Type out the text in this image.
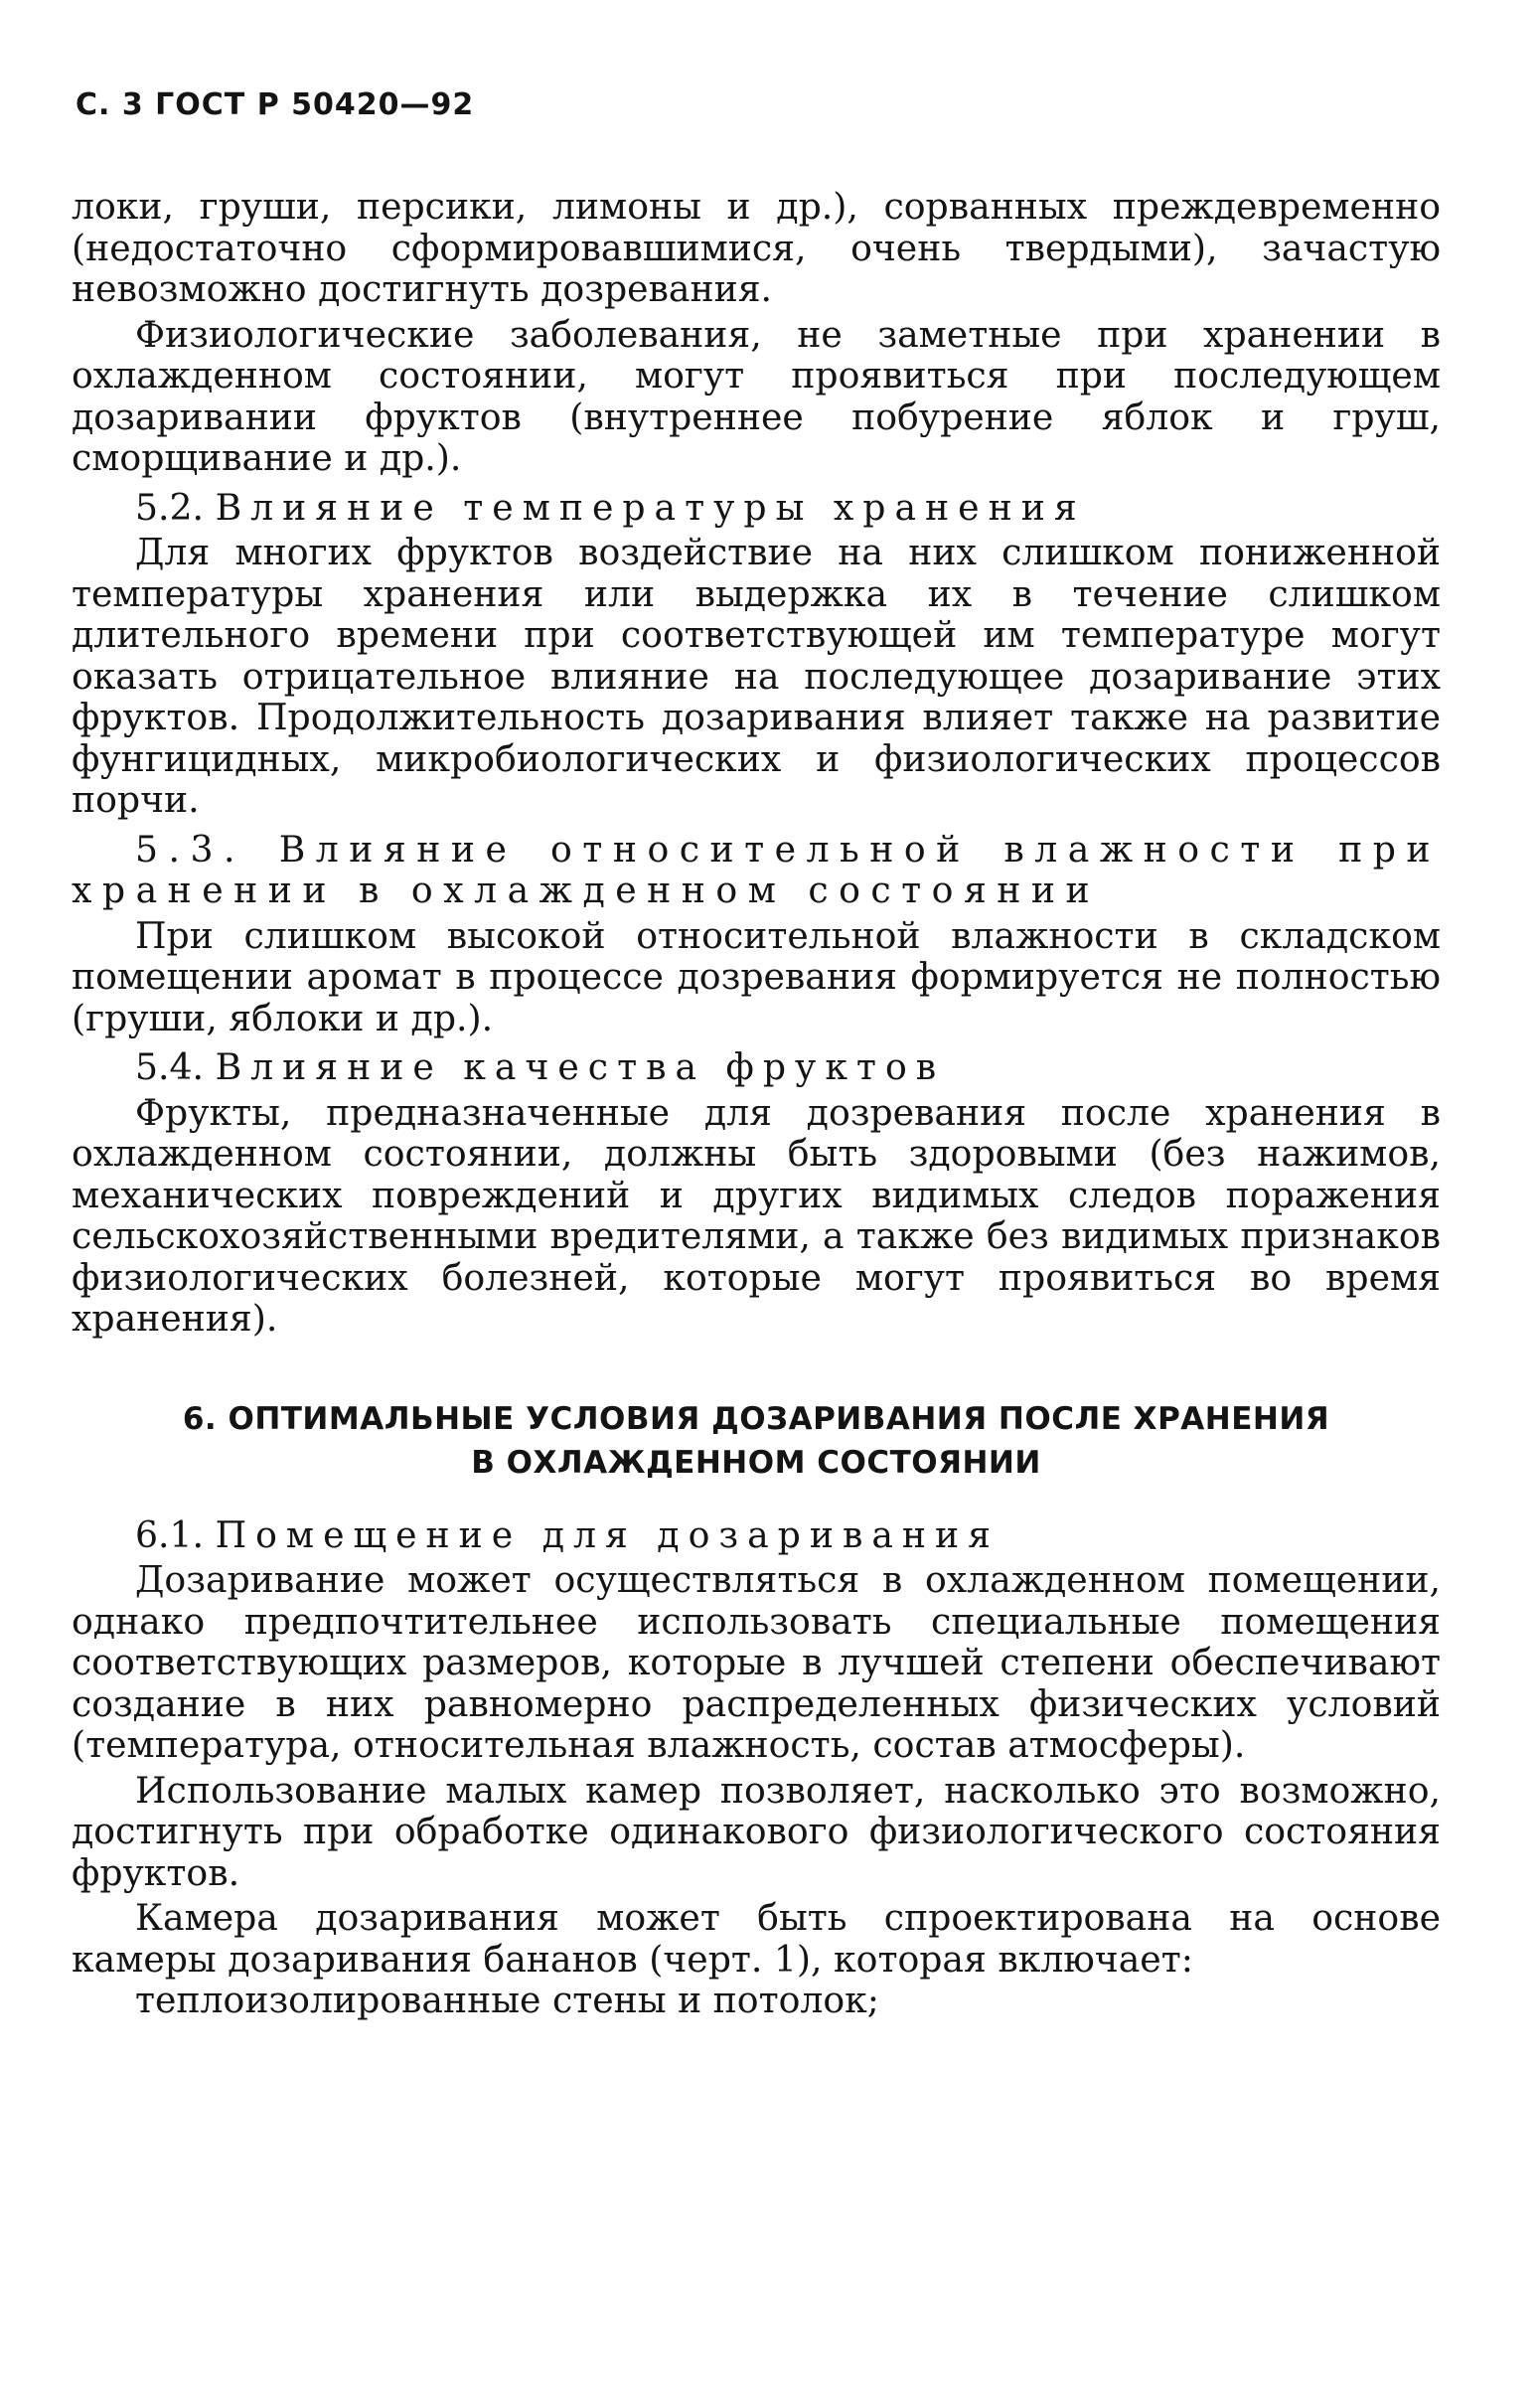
С. 3 ГОСТ Р 50420—92

локи, груши, персики, лимоны и др.), сорванных преждевременно (недостаточно сформировавшимися, очень твердыми), зачастую невозможно достигнуть дозревания.

Физиологические заболевания, не заметные при хранении в охлажденном состоянии, могут проявиться при последующем дозаривании фруктов (внутреннее побурение яблок и груш, сморщивание и др.).

5.2. Влияние температуры хранения

Для многих фруктов воздействие на них слишком пониженной температуры хранения или выдержка их в течение слишком длительного времени при соответствующей им температуре могут оказать отрицательное влияние на последующее дозаривание этих фруктов. Продолжительность дозаривания влияет также на развитие фунгицидных, микробиологических и физиологических процессов порчи.

5.3. Влияние относительной влажности при хранении в охлажденном состоянии

При слишком высокой относительной влажности в складском помещении аромат в процессе дозревания формируется не полностью (груши, яблоки и др.).

5.4. Влияние качества фруктов

Фрукты, предназначенные для дозревания после хранения в охлажденном состоянии, должны быть здоровыми (без нажимов, механических повреждений и других видимых следов поражения сельскохозяйственными вредителями, а также без видимых признаков физиологических болезней, которые могут проявиться во время хранения).

6. ОПТИМАЛЬНЫЕ УСЛОВИЯ ДОЗАРИВАНИЯ ПОСЛЕ ХРАНЕНИЯ
В ОХЛАЖДЕННОМ СОСТОЯНИИ
6.1. Помещение для дозаривания

Дозаривание может осуществляться в охлажденном помещении, однако предпочтительнее использовать специальные помещения соответствующих размеров, которые в лучшей степени обеспечивают создание в них равномерно распределенных физических условий (температура, относительная влажность, состав атмосферы).

Использование малых камер позволяет, насколько это возможно, достигнуть при обработке одинакового физиологического состояния фруктов.

Камера дозаривания может быть спроектирована на основе камеры дозаривания бананов (черт. 1), которая включает:

теплоизолированные стены и потолок;
